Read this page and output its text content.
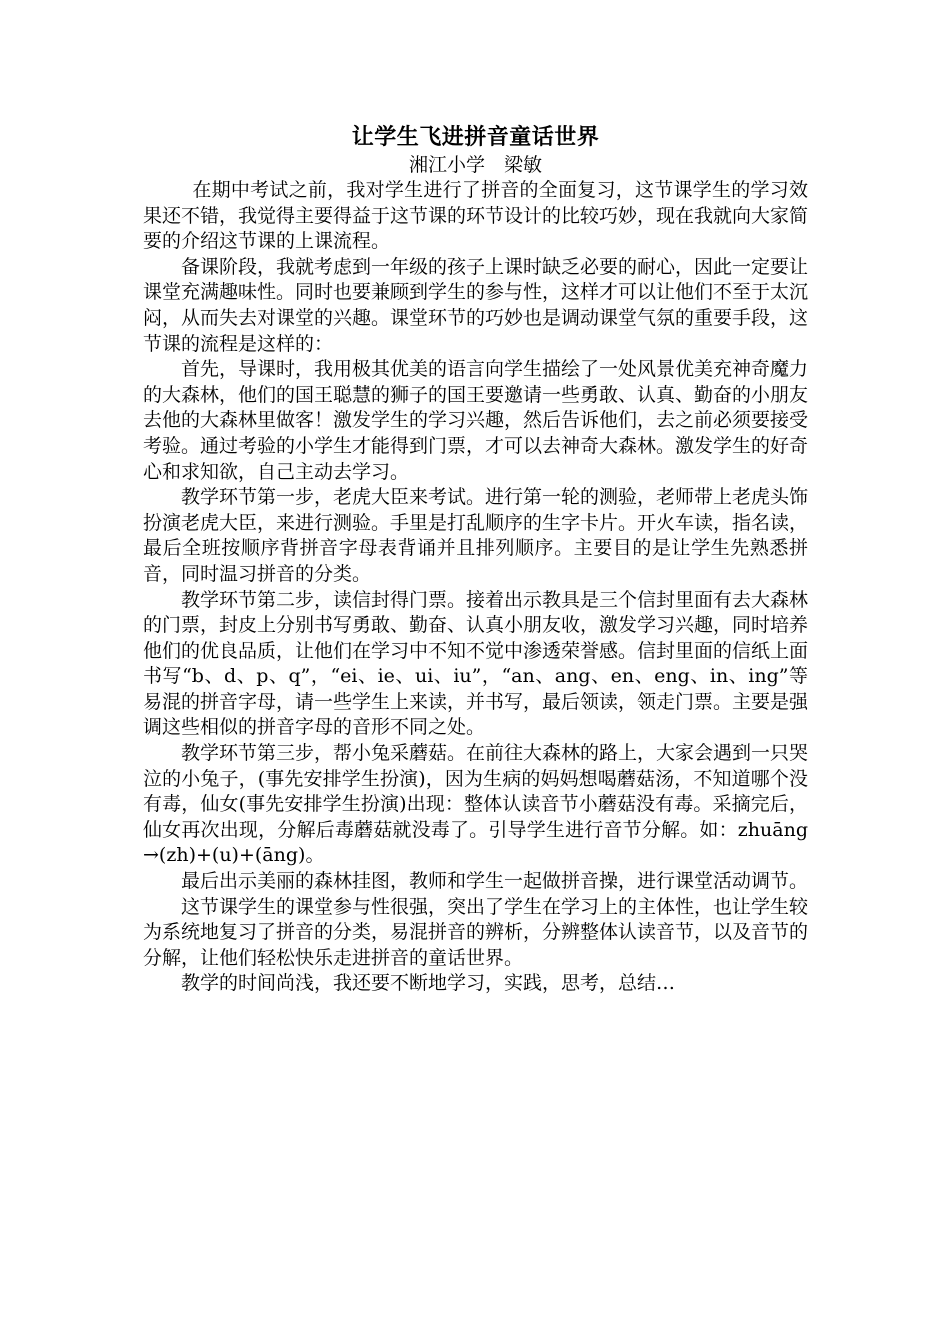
让学生飞进拼音童话世界

湘江小学　梁敏

在期中考试之前，我对学生进行了拼音的全面复习，这节课学生的学习效果还不错，我觉得主要得益于这节课的环节设计的比较巧妙，现在我就向大家简要的介绍这节课的上课流程。

备课阶段，我就考虑到一年级的孩子上课时缺乏必要的耐心，因此一定要让课堂充满趣味性。同时也要兼顾到学生的参与性，这样才可以让他们不至于太沉闷，从而失去对课堂的兴趣。课堂环节的巧妙也是调动课堂气氛的重要手段，这节课的流程是这样的：

首先，导课时，我用极其优美的语言向学生描绘了一处风景优美充神奇魔力的大森林，他们的国王聪慧的狮子的国王要邀请一些勇敢、认真、勤奋的小朋友去他的大森林里做客！激发学生的学习兴趣，然后告诉他们，去之前必须要接受考验。通过考验的小学生才能得到门票，才可以去神奇大森林。激发学生的好奇心和求知欲，自己主动去学习。

教学环节第一步，老虎大臣来考试。进行第一轮的测验，老师带上老虎头饰扮演老虎大臣，来进行测验。手里是打乱顺序的生字卡片。开火车读，指名读，最后全班按顺序背拼音字母表背诵并且排列顺序。主要目的是让学生先熟悉拼音，同时温习拼音的分类。

教学环节第二步，读信封得门票。接着出示教具是三个信封里面有去大森林的门票，封皮上分别书写勇敢、勤奋、认真小朋友收，激发学习兴趣，同时培养他们的优良品质，让他们在学习中不知不觉中渗透荣誉感。信封里面的信纸上面书写“b、d、p、q”，“ei、ie、ui、iu”，“an、ang、en、eng、in、ing”等易混的拼音字母，请一些学生上来读，并书写，最后领读，领走门票。主要是强调这些相似的拼音字母的音形不同之处。

教学环节第三步，帮小兔采蘑菇。在前往大森林的路上，大家会遇到一只哭泣的小兔子，(事先安排学生扮演)，因为生病的妈妈想喝蘑菇汤，不知道哪个没有毒，仙女(事先安排学生扮演)出现：整体认读音节小蘑菇没有毒。采摘完后，仙女再次出现，分解后毒蘑菇就没毒了。引导学生进行音节分解。如：zhuāng→(zh)+(u)+(āng)。

最后出示美丽的森林挂图，教师和学生一起做拼音操，进行课堂活动调节。

这节课学生的课堂参与性很强，突出了学生在学习上的主体性，也让学生较为系统地复习了拼音的分类，易混拼音的辨析，分辨整体认读音节，以及音节的分解，让他们轻松快乐走进拼音的童话世界。

教学的时间尚浅，我还要不断地学习，实践，思考，总结…
